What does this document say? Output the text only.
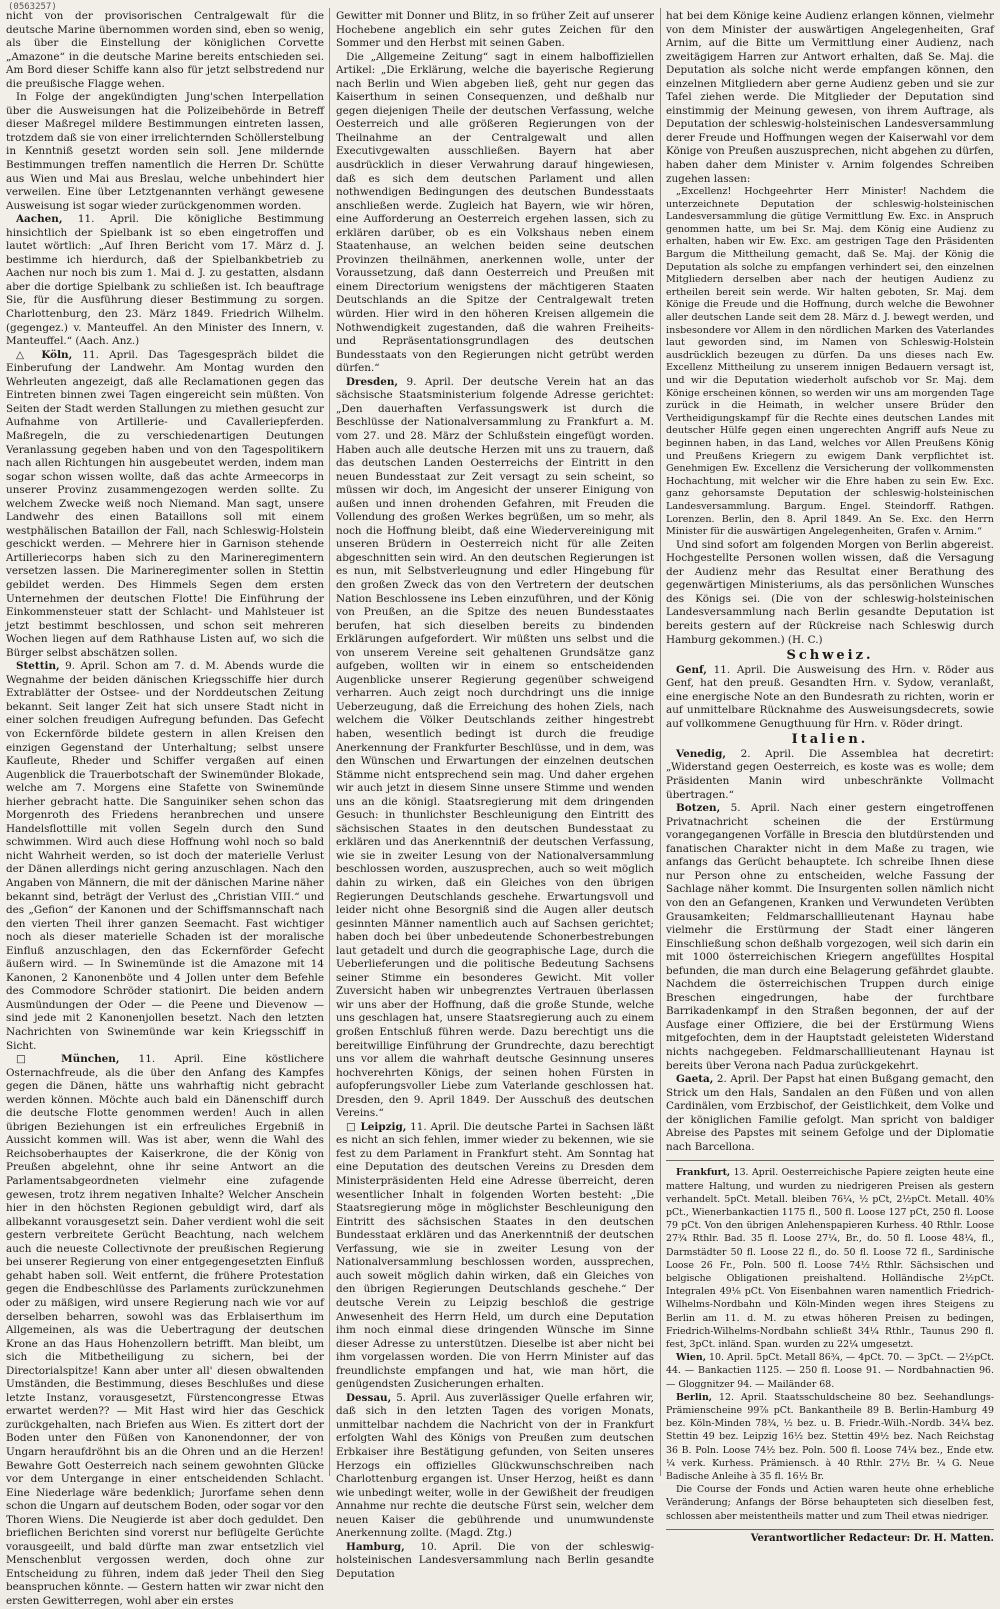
(0563257)

nicht von der provisorischen Centralgewalt für die deutsche Marine übernommen worden sind, eben so wenig, als über die Einstellung der königlichen Corvette „Amazone“ in die deutsche Marine bereits entschieden sei. Am Bord dieser Schiffe kann also für jetzt selbstredend nur die preußische Flagge wehen.

In Folge der angekündigten Jung'schen Interpellation über die Ausweisungen hat die Polizeibehörde in Betreff dieser Maßregel mildere Bestimmungen eintreten lassen, trotzdem daß sie von einer irrelichternden Schöllerstelbung in Kenntniß gesetzt worden sein soll. Jene mildernde Bestimmungen treffen namentlich die Herren Dr. Schütte aus Wien und Mai aus Breslau, welche unbehindert hier verweilen. Eine über Letztgenannten verhängt gewesene Ausweisung ist sogar wieder zurückgenommen worden.

Aachen, 11. April. Die königliche Bestimmung hinsichtlich der Spielbank ist so eben eingetroffen und lautet wörtlich: „Auf Ihren Bericht vom 17. März d. J. bestimme ich hierdurch, daß der Spielbankbetrieb zu Aachen nur noch bis zum 1. Mai d. J. zu gestatten, alsdann aber die dortige Spielbank zu schließen ist. Ich beauftrage Sie, für die Ausführung dieser Bestimmung zu sorgen. Charlottenburg, den 23. März 1849. Friedrich Wilhelm. (gegengez.) v. Manteuffel. An den Minister des Innern, v. Manteuffel.“ (Aach. Anz.)

△ Köln, 11. April. Das Tagesgespräch bildet die Einberufung der Landwehr. Am Montag wurden den Wehrleuten angezeigt, daß alle Reclamationen gegen das Eintreten binnen zwei Tagen eingereicht sein müßten. Von Seiten der Stadt werden Stallungen zu miethen gesucht zur Aufnahme von Artillerie- und Cavalleriepferden. Maßregeln, die zu verschiedenartigen Deutungen Veranlassung gegeben haben und von den Tagespolitikern nach allen Richtungen hin ausgebeutet werden, indem man sogar schon wissen wollte, daß das achte Armeecorps in unserer Provinz zusammengezogen werden sollte. Zu welchem Zwecke weiß noch Niemand. Man sagt, unsere Landwehr des einen Bataillons soll mit einem westphälischen Bataillon der Fall, nach Schleswig-Holstein geschickt werden. — Mehrere hier in Garnison stehende Artilleriecorps haben sich zu den Marineregimentern versetzen lassen. Die Marineregimenter sollen in Stettin gebildet werden. Des Himmels Segen dem ersten Unternehmen der deutschen Flotte! Die Einführung der Einkommensteuer statt der Schlacht- und Mahlsteuer ist jetzt bestimmt beschlossen, und schon seit mehreren Wochen liegen auf dem Rathhause Listen auf, wo sich die Bürger selbst abschätzen sollen.

Stettin, 9. April. Schon am 7. d. M. Abends wurde die Wegnahme der beiden dänischen Kriegsschiffe hier durch Extrablätter der Ostsee- und der Norddeutschen Zeitung bekannt. Seit langer Zeit hat sich unsere Stadt nicht in einer solchen freudigen Aufregung befunden. Das Gefecht von Eckernförde bildete gestern in allen Kreisen den einzigen Gegenstand der Unterhaltung; selbst unsere Kaufleute, Rheder und Schiffer vergaßen auf einen Augenblick die Trauerbotschaft der Swinemünder Blokade, welche am 7. Morgens eine Stafette von Swinemünde hierher gebracht hatte. Die Sanguiniker sehen schon das Morgenroth des Friedens heranbrechen und unsere Handelsflottille mit vollen Segeln durch den Sund schwimmen. Wird auch diese Hoffnung wohl noch so bald nicht Wahrheit werden, so ist doch der materielle Verlust der Dänen allerdings nicht gering anzuschlagen. Nach den Angaben von Männern, die mit der dänischen Marine näher bekannt sind, beträgt der Verlust des „Christian VIII.“ und des „Gefion“ der Kanonen und der Schiffsmannschaft nach den vierten Theil ihrer ganzen Seemacht. Fast wichtiger noch als dieser materielle Schaden ist der moralische Einfluß anzuschlagen, den das Eckernförder Gefecht äußern wird. — In Swinemünde ist die Amazone mit 14 Kanonen, 2 Kanonenböte und 4 Jollen unter dem Befehle des Commodore Schröder stationirt. Die beiden andern Ausmündungen der Oder — die Peene und Dievenow — sind jede mit 2 Kanonenjollen besetzt. Nach den letzten Nachrichten von Swinemünde war kein Kriegsschiff in Sicht.

□ München, 11. April. Eine köstlichere Osternachfreude, als die über den Anfang des Kampfes gegen die Dänen, hätte uns wahrhaftig nicht gebracht werden können. Möchte auch bald ein Dänenschiff durch die deutsche Flotte genommen werden! Auch in allen übrigen Beziehungen ist ein erfreuliches Ergebniß in Aussicht kommen will. Was ist aber, wenn die Wahl des Reichsoberhauptes der Kaiserkrone, die der König von Preußen abgelehnt, ohne ihr seine Antwort an die Parlamentsabgeordneten vielmehr eine zufagende gewesen, trotz ihrem negativen Inhalte? Welcher Anschein hier in den höchsten Regionen gebuldigt wird, darf als allbekannt vorausgesetzt sein. Daher verdient wohl die seit gestern verbreitete Gerücht Beachtung, nach welchem auch die neueste Collectivnote der preußischen Regierung bei unserer Regierung von einer entgegengesetzten Einfluß gehabt haben soll. Weit entfernt, die frühere Protestation gegen die Endbeschlüsse des Parlaments zurückzunehmen oder zu mäßigen, wird unsere Regierung nach wie vor auf derselben beharren, sowohl was das Erblaiserthum im Allgemeinen, als was die Uebertragung der deutschen Krone an das Haus Hohenzollern betrifft. Man bleibt, um sich die Mitbetheiligung zu sichern, bei der Directorialspitze! Kann aber unter all' diesen obwaltenden Umständen, die Bestimmung, dieses Beschlußes und diese letzte Instanz, vorausgesetzt, Fürstencongresse Etwas erwartet werden?? — Mit Hast wird hier das Geschick zurückgehalten, nach Briefen aus Wien. Es zittert dort der Boden unter den Füßen von Kanonendonner, der von Ungarn heraufdröhnt bis an die Ohren und an die Herzen! Bewahre Gott Oesterreich nach seinem gewohnten Glücke vor dem Untergange in einer entscheidenden Schlacht. Eine Niederlage wäre bedenklich; Jurorfame sehen denn schon die Ungarn auf deutschem Boden, oder sogar vor den Thoren Wiens. Die Neugierde ist aber doch geduldet. Den brieflichen Berichten sind vorerst nur beflügelte Gerüchte vorausgeeilt, und bald dürfte man zwar entsetzlich viel Menschenblut vergossen werden, doch ohne zur Entscheidung zu führen, indem daß jeder Theil den Sieg beanspruchen könnte. — Gestern hatten wir zwar nicht den ersten Gewitterregen, wohl aber ein erstes

Gewitter mit Donner und Blitz, in so früher Zeit auf unserer Hochebene angeblich ein sehr gutes Zeichen für den Sommer und den Herbst mit seinen Gaben.

Die „Allgemeine Zeitung“ sagt in einem halboffiziellen Artikel: „Die Erklärung, welche die bayerische Regierung nach Berlin und Wien abgeben ließ, geht nur gegen das Kaiserthum in seinen Consequenzen, und deßhalb nur gegen diejenigen Theile der deutschen Verfassung, welche Oesterreich und alle größeren Regierungen von der Theilnahme an der Centralgewalt und allen Executivgewalten ausschließen. Bayern hat aber ausdrücklich in dieser Verwahrung darauf hingewiesen, daß es sich dem deutschen Parlament und allen nothwendigen Bedingungen des deutschen Bundesstaats anschließen werde. Zugleich hat Bayern, wie wir hören, eine Aufforderung an Oesterreich ergehen lassen, sich zu erklären darüber, ob es ein Volkshaus neben einem Staatenhause, an welchen beiden seine deutschen Provinzen theilnähmen, anerkennen wolle, unter der Voraussetzung, daß dann Oesterreich und Preußen mit einem Directorium wenigstens der mächtigeren Staaten Deutschlands an die Spitze der Centralgewalt treten würden. Hier wird in den höheren Kreisen allgemein die Nothwendigkeit zugestanden, daß die wahren Freiheits- und Repräsentationsgrundlagen des deutschen Bundesstaats von den Regierungen nicht getrübt werden dürfen.“

Dresden, 9. April. Der deutsche Verein hat an das sächsische Staatsministerium folgende Adresse gerichtet: „Den dauerhaften Verfassungswerk ist durch die Beschlüsse der Nationalversammlung zu Frankfurt a. M. vom 27. und 28. März der Schlußstein eingefügt worden. Haben auch alle deutsche Herzen mit uns zu trauern, daß das deutschen Landen Oesterreichs der Eintritt in den neuen Bundesstaat zur Zeit versagt zu sein scheint, so müssen wir doch, im Angesicht der unserer Einigung von außen und innen drohenden Gefahren, mit Freuden die Vollendung des großen Werkes begrüßen, um so mehr, als noch die Hoffnung bleibt, daß eine Wiedervereinigung mit unseren Brüdern in Oesterreich nicht für alle Zeiten abgeschnitten sein wird. An den deutschen Regierungen ist es nun, mit Selbstverleugnung und edler Hingebung für den großen Zweck das von den Vertretern der deutschen Nation Beschlossene ins Leben einzuführen, und der König von Preußen, an die Spitze des neuen Bundesstaates berufen, hat sich dieselben bereits zu bindenden Erklärungen aufgefordert. Wir müßten uns selbst und die von unserem Vereine seit gehaltenen Grundsätze ganz aufgeben, wollten wir in einem so entscheidenden Augenblicke unserer Regierung gegenüber schweigend verharren. Auch zeigt noch durchdringt uns die innige Ueberzeugung, daß die Erreichung des hohen Ziels, nach welchem die Völker Deutschlands zeither hingestrebt haben, wesentlich bedingt ist durch die freudige Anerkennung der Frankfurter Beschlüsse, und in dem, was den Wünschen und Erwartungen der einzelnen deutschen Stämme nicht entsprechend sein mag. Und daher ergehen wir auch jetzt in diesem Sinne unsere Stimme und wenden uns an die königl. Staatsregierung mit dem dringenden Gesuch: in thunlichster Beschleunigung den Eintritt des sächsischen Staates in den deutschen Bundesstaat zu erklären und das Anerkenntniß der deutschen Verfassung, wie sie in zweiter Lesung von der Nationalversammlung beschlossen worden, auszusprechen, auch so weit möglich dahin zu wirken, daß ein Gleiches von den übrigen Regierungen Deutschlands geschehe. Erwartungsvoll und leider nicht ohne Besorgniß sind die Augen aller deutsch gesinnten Männer namentlich auch auf Sachsen gerichtet; haben doch bei über unbedeutende Schonerbestrebungen laut getadelt und durch die geographische Lage, durch die Ueberlieferungen und die politische Bedeutung Sachsens seiner Stimme ein besonderes Gewicht. Mit voller Zuversicht haben wir unbegrenztes Vertrauen überlassen wir uns aber der Hoffnung, daß die große Stunde, welche uns geschlagen hat, unsere Staatsregierung auch zu einem großen Entschluß führen werde. Dazu berechtigt uns die bereitwillige Einführung der Grundrechte, dazu berechtigt uns vor allem die wahrhaft deutsche Gesinnung unseres hochverehrten Königs, der seinen hohen Fürsten in aufopferungsvoller Liebe zum Vaterlande geschlossen hat. Dresden, den 9. April 1849. Der Ausschuß des deutschen Vereins.“

□ Leipzig, 11. April. Die deutsche Partei in Sachsen läßt es nicht an sich fehlen, immer wieder zu bekennen, wie sie fest zu dem Parlament in Frankfurt steht. Am Sonntag hat eine Deputation des deutschen Vereins zu Dresden dem Ministerpräsidenten Held eine Adresse überreicht, deren wesentlicher Inhalt in folgenden Worten besteht: „Die Staatsregierung möge in möglichster Beschleunigung den Eintritt des sächsischen Staates in den deutschen Bundesstaat erklären und das Anerkenntniß der deutschen Verfassung, wie sie in zweiter Lesung von der Nationalversammlung beschlossen worden, aussprechen, auch soweit möglich dahin wirken, daß ein Gleiches von den übrigen Regierungen Deutschlands geschehe.“ Der deutsche Verein zu Leipzig beschloß die gestrige Anwesenheit des Herrn Held, um durch eine Deputation ihm noch einmal diese dringenden Wünsche im Sinne dieser Adresse zu unterstützen. Dieselbe ist aber nicht bei ihm vorgelassen worden. Die von Herrn Minister auf das freundlichste empfangen und hat, wie man hört, die genügendsten Zusicherungen erhalten.

Dessau, 5. April. Aus zuverlässiger Quelle erfahren wir, daß sich in den letzten Tagen des vorigen Monats, unmittelbar nachdem die Nachricht von der in Frankfurt erfolgten Wahl des Königs von Preußen zum deutschen Erbkaiser ihre Bestätigung gefunden, von Seiten unseres Herzogs ein offizielles Glückwunschschreiben nach Charlottenburg ergangen ist. Unser Herzog, heißt es dann wie unbedingt weiter, wolle in der Gewißheit der freudigen Annahme nur rechte die deutsche Fürst sein, welcher dem neuen Kaiser die gebührende und unumwundenste Anerkennung zollte. (Magd. Ztg.)

Hamburg, 10. April. Die von der schleswig-holsteinischen Landesversammlung nach Berlin gesandte Deputation

hat bei dem Könige keine Audienz erlangen können, vielmehr von dem Minister der auswärtigen Angelegenheiten, Graf Arnim, auf die Bitte um Vermittlung einer Audienz, nach zweitägigem Harren zur Antwort erhalten, daß Se. Maj. die Deputation als solche nicht werde empfangen können, den einzelnen Mitgliedern aber gerne Audienz geben und sie zur Tafel ziehen werde. Die Mitglieder der Deputation sind einstimmig der Meinung gewesen, von ihrem Auftrage, als Deputation der schleswig-holsteinischen Landesversammlung derer Freude und Hoffnungen wegen der Kaiserwahl vor dem Könige von Preußen auszusprechen, nicht abgehen zu dürfen, haben daher dem Minister v. Arnim folgendes Schreiben zugehen lassen:

„Excellenz! Hochgeehrter Herr Minister! Nachdem die unterzeichnete Deputation der schleswig-holsteinischen Landesversammlung die gütige Vermittlung Ew. Exc. in Anspruch genommen hatte, um bei Sr. Maj. dem König eine Audienz zu erhalten, haben wir Ew. Exc. am gestrigen Tage den Präsidenten Bargum die Mittheilung gemacht, daß Se. Maj. der König die Deputation als solche zu empfangen verhindert sei, den einzelnen Mitgliedern derselben aber nach der heutigen Audienz zu ertheilen bereit sein werde. Wir halten geboten, Sr. Maj. dem Könige die Freude und die Hoffnung, durch welche die Bewohner aller deutschen Lande seit dem 28. März d. J. bewegt werden, und insbesondere vor Allem in den nördlichen Marken des Vaterlandes laut geworden sind, im Namen von Schleswig-Holstein ausdrücklich bezeugen zu dürfen. Da uns dieses nach Ew. Excellenz Mittheilung zu unserem innigen Bedauern versagt ist, und wir die Deputation wiederholt aufschob vor Sr. Maj. dem Könige erscheinen können, so werden wir uns am morgenden Tage zurück in die Heimath, in welcher unsere Brüder den Vertheidigungskampf für die Rechte eines deutschen Landes mit deutscher Hülfe gegen einen ungerechten Angriff aufs Neue zu beginnen haben, in das Land, welches vor Allen Preußens König und Preußens Kriegern zu ewigem Dank verpflichtet ist. Genehmigen Ew. Excellenz die Versicherung der vollkommensten Hochachtung, mit welcher wir die Ehre haben zu sein Ew. Exc. ganz gehorsamste Deputation der schleswig-holsteinischen Landesversammlung. Bargum. Engel. Steindorff. Rathgen. Lorenzen. Berlin, den 8. April 1849. An Se. Exc. den Herrn Minister für die auswärtigen Angelegenheiten, Grafen v. Arnim.“

Und sind sofort am folgenden Morgen von Berlin abgereist. Hochgestellte Personen wollen wissen, daß die Versagung der Audienz mehr das Resultat einer Berathung des gegenwärtigen Ministeriums, als das persönlichen Wunsches des Königs sei. (Die von der schleswig-holsteinischen Landesversammlung nach Berlin gesandte Deputation ist bereits gestern auf der Rückreise nach Schleswig durch Hamburg gekommen.) (H. C.)

Schweiz.

Genf, 11. April. Die Ausweisung des Hrn. v. Röder aus Genf, hat den preuß. Gesandten Hrn. v. Sydow, veranlaßt, eine energische Note an den Bundesrath zu richten, worin er auf unmittelbare Rücknahme des Ausweisungsdecrets, sowie auf vollkommene Genugthuung für Hrn. v. Röder dringt.

Italien.

Venedig, 2. April. Die Assemblea hat decretirt: „Widerstand gegen Oesterreich, es koste was es wolle; dem Präsidenten Manin wird unbeschränkte Vollmacht übertragen.“

Botzen, 5. April. Nach einer gestern eingetroffenen Privatnachricht scheinen die der Erstürmung vorangegangenen Vorfälle in Brescia den blutdürstenden und fanatischen Charakter nicht in dem Maße zu tragen, wie anfangs das Gerücht behauptete. Ich schreibe Ihnen diese nur Person ohne zu entscheiden, welche Fassung der Sachlage näher kommt. Die Insurgenten sollen nämlich nicht von den an Gefangenen, Kranken und Verwundeten Verübten Grausamkeiten; Feldmarschalllieutenant Haynau habe vielmehr die Erstürmung der Stadt einer längeren Einschließung schon deßhalb vorgezogen, weil sich darin ein mit 1000 österreichischen Kriegern angefülltes Hospital befunden, die man durch eine Belagerung gefährdet glaubte. Nachdem die österreichischen Truppen durch einige Breschen eingedrungen, habe der furchtbare Barrikadenkampf in den Straßen begonnen, der auf der Ausfage einer Offiziere, die bei der Erstürmung Wiens mitgefochten, dem in der Hauptstadt geleisteten Widerstand nichts nachgegeben. Feldmarschalllieutenant Haynau ist bereits über Verona nach Padua zurückgekehrt.

Gaeta, 2. April. Der Papst hat einen Bußgang gemacht, den Strick um den Hals, Sandalen an den Füßen und von allen Cardinälen, vom Erzbischof, der Geistlichkeit, dem Volke und der königlichen Familie gefolgt. Man spricht von baldiger Abreise des Papstes mit seinem Gefolge und der Diplomatie nach Barcellona.

Frankfurt, 13. April. Oesterreichische Papiere zeigten heute eine mattere Haltung, und wurden zu niedrigeren Preisen als gestern verhandelt. 5pCt. Metall. bleiben 76¼, ½ pCt, 2½pCt. Metall. 40⅝ pCt., Wienerbankactien 1175 fl., 500 fl. Loose 127 pCt, 250 fl. Loose 79 pCt. Von den übrigen Anlehenspapieren Kurhess. 40 Rthlr. Loose 27¾ Rthlr. Bad. 35 fl. Loose 27¼, Br., do. 50 fl. Loose 48¼, fl., Darmstädter 50 fl. Loose 22 fl., do. 50 fl. Loose 72 fl., Sardinische Loose 26 Fr., Poln. 500 fl. Loose 74½ Rthlr. Sächsischen und belgische Obligationen preishaltend. Holländische 2½pCt. Integralen 49⅛ pCt. Von Eisenbahnen waren namentlich Friedrich-Wilhelms-Nordbahn und Köln-Minden wegen ihres Steigens zu Berlin am 11. d. M. zu etwas höheren Preisen zu bedingen, Friedrich-Wilhelms-Nordbahn schließt 34¼ Rthlr., Taunus 290 fl. fest, 3pCt. inländ. Span. wurden zu 22¼ umgesetzt.

Wien, 10. April. 5pCt. Metall 86¾, — 4pCt. 70. — 3pCt. — 2½pCt. 44. — Bankactien 1125. — 250 fl. Loose 91. — Nordbahnactien 96. — Gloggnitzer 94. — Mailänder 68.

Berlin, 12. April. Staatsschuldscheine 80 bez. Seehandlungs-Prämienscheine 99⅞ pCt. Bankantheile 89 B. Berlin-Hamburg 49 bez. Köln-Minden 78¾, ½ bez. u. B. Friedr.-Wilh.-Nordb. 34¼ bez. Stettin 49 bez. Leipzig 16½ bez. Stettin 49½ bez. Nach Reichstag 36 B. Poln. Loose 74½ bez. Poln. 500 fl. Loose 74¼ bez., Ende etw. ¼ verk. Kurhess. Prämiensch. à 40 Rthlr. 27½ Br. ¼ G. Neue Badische Anleihe à 35 fl. 16½ Br.

Die Course der Fonds und Actien waren heute ohne erhebliche Veränderung; Anfangs der Börse behaupteten sich dieselben fest, schlossen aber meistentheils matter und zum Theil etwas niedriger.

Verantwortlicher Redacteur: Dr. H. Matten.
